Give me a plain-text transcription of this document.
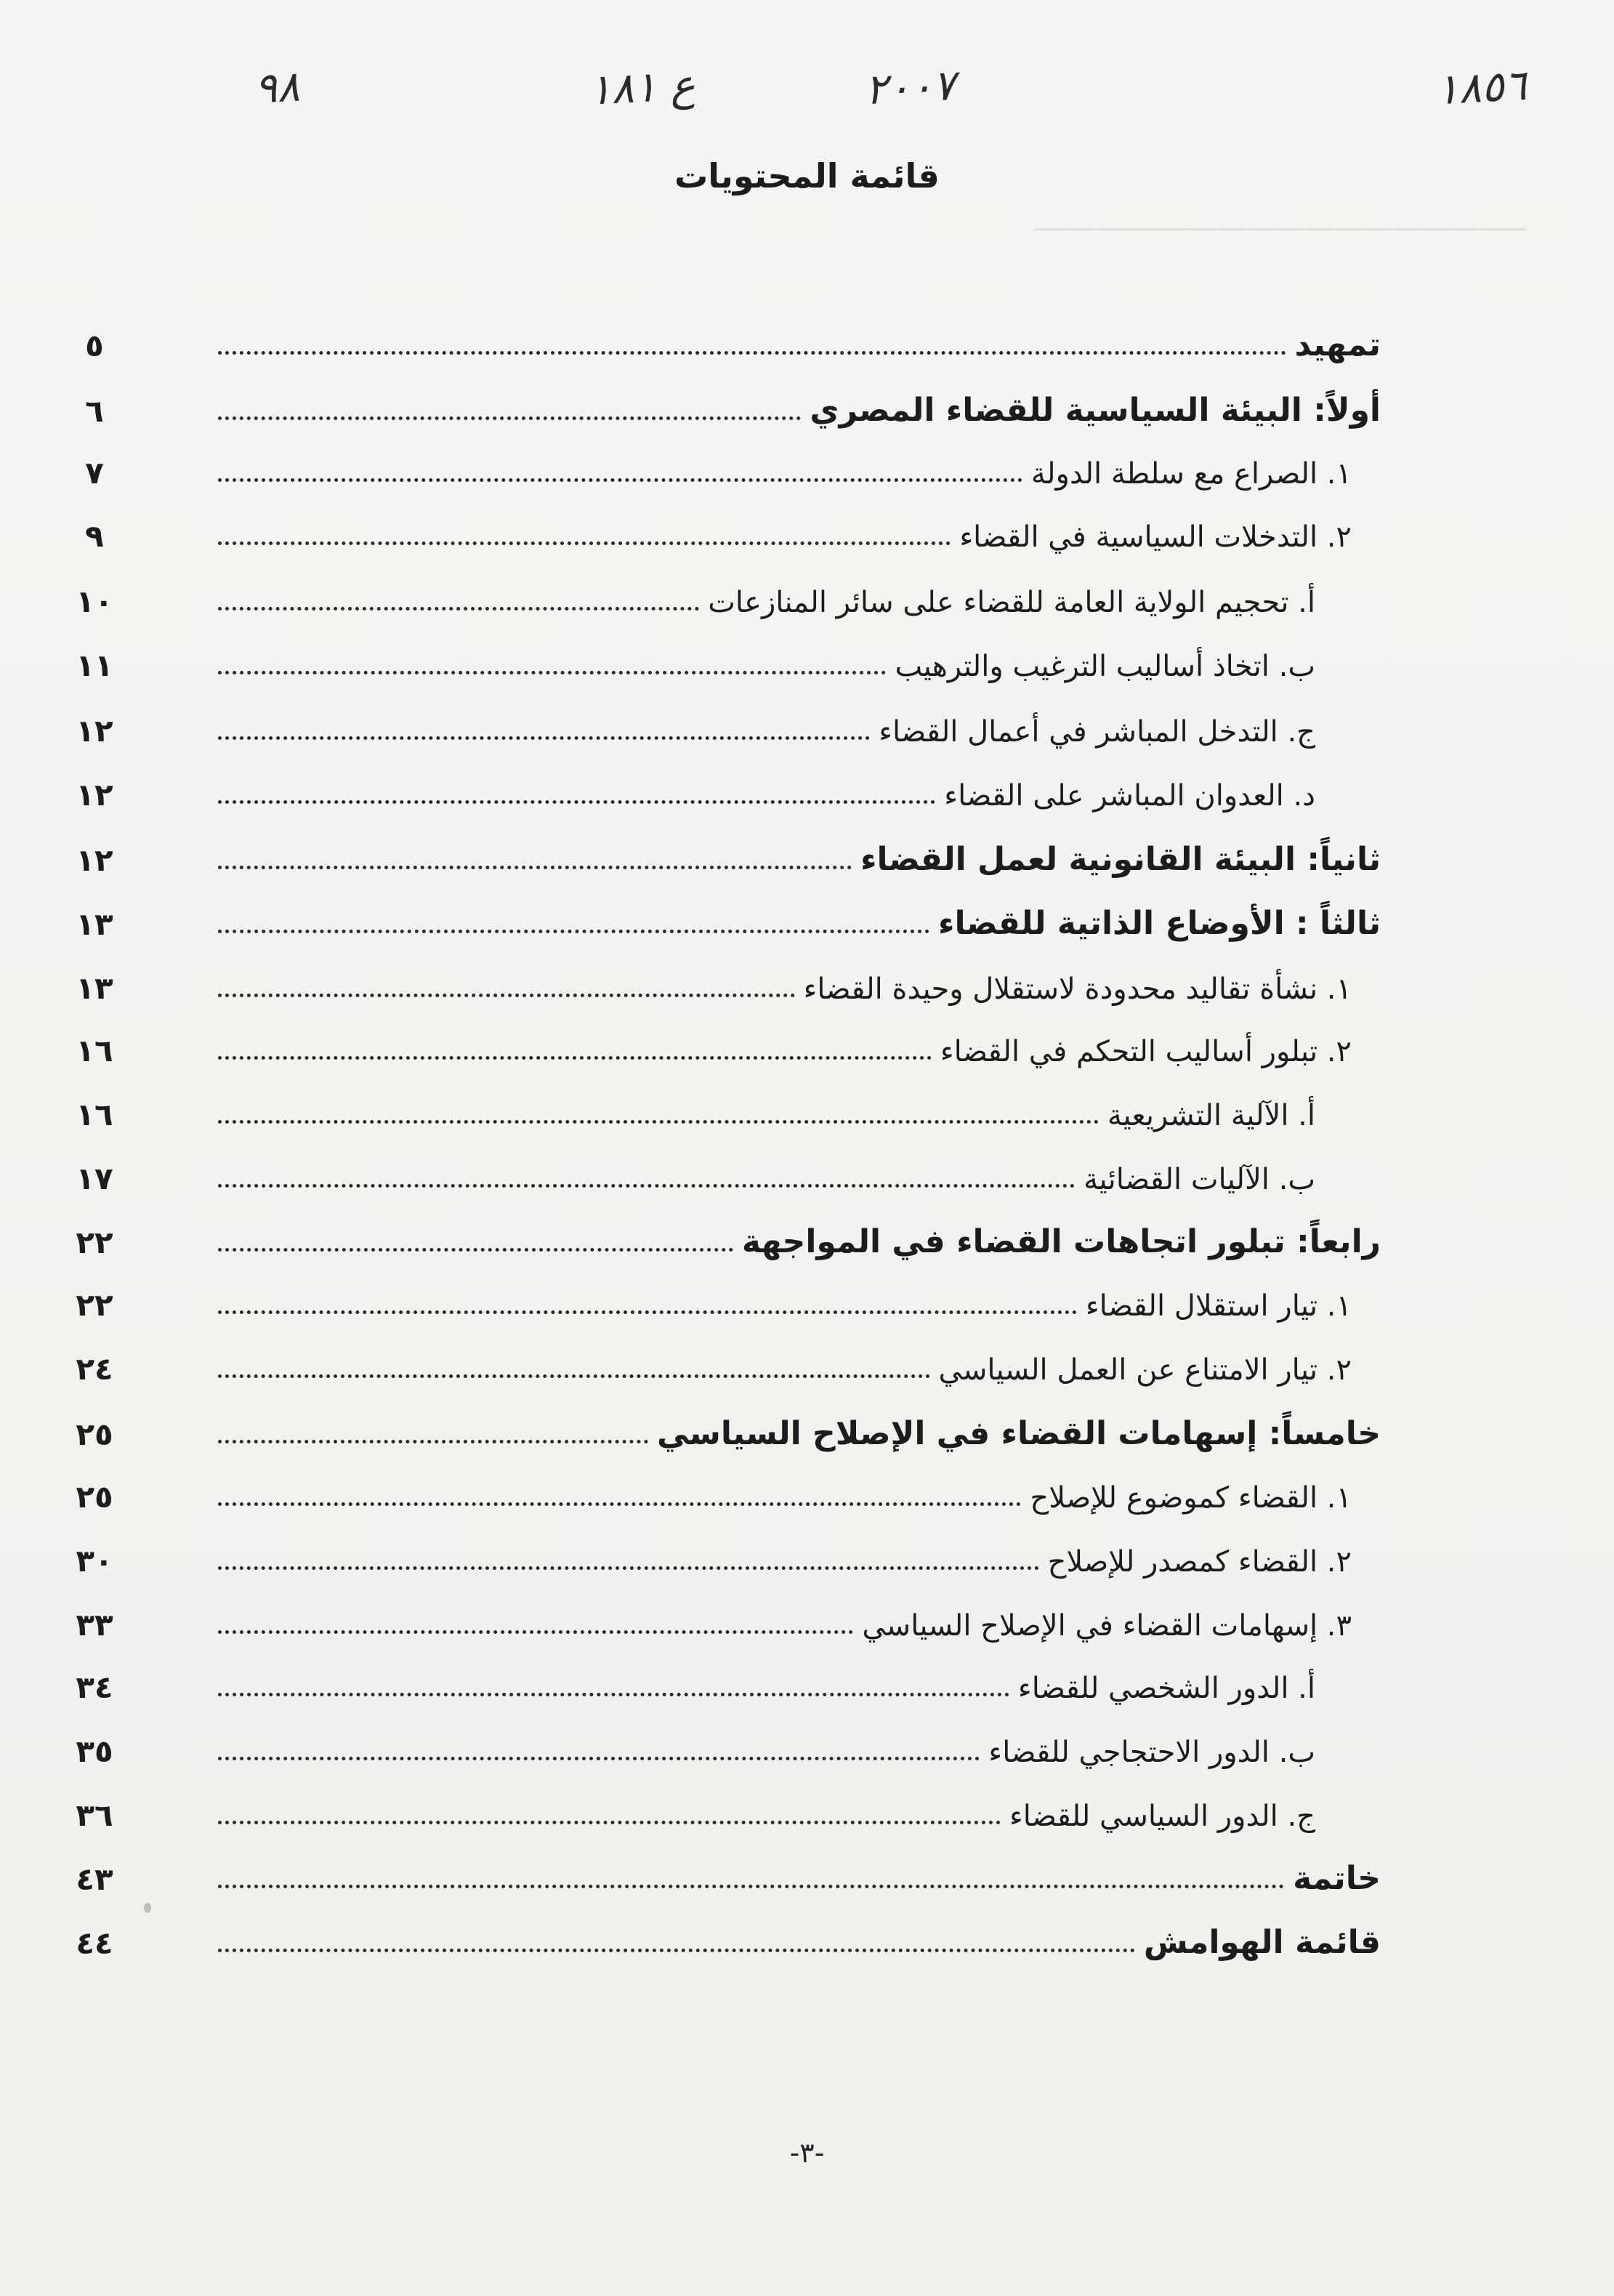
ــــــــــــــــــــــــــــــــــــــــــــــــــــــــــــــــــــ
١٨٥٦
٢٠٠٧
ع ١٨١
٩٨
قائمة المحتويات
تمهيد
٥
أولاً: البيئة السياسية للقضاء المصري
٦
١. الصراع مع سلطة الدولة
٧
٢. التدخلات السياسية في القضاء
٩
أ. تحجيم الولاية العامة للقضاء على سائر المنازعات
١٠
ب. اتخاذ أساليب الترغيب والترهيب
١١
ج. التدخل المباشر في أعمال القضاء
١٢
د. العدوان المباشر على القضاء
١٢
ثانياً: البيئة القانونية لعمل القضاء
١٢
ثالثاً : الأوضاع الذاتية للقضاء
١٣
١. نشأة تقاليد محدودة لاستقلال وحيدة القضاء
١٣
٢. تبلور أساليب التحكم في القضاء
١٦
أ. الآلية التشريعية
١٦
ب. الآليات القضائية
١٧
رابعاً: تبلور اتجاهات القضاء في المواجهة
٢٢
١. تيار استقلال القضاء
٢٢
٢. تيار الامتناع عن العمل السياسي
٢٤
خامساً: إسهامات القضاء في الإصلاح السياسي
٢٥
١. القضاء كموضوع للإصلاح
٢٥
٢. القضاء كمصدر للإصلاح
٣٠
٣. إسهامات القضاء في الإصلاح السياسي
٣٣
أ. الدور الشخصي للقضاء
٣٤
ب. الدور الاحتجاجي للقضاء
٣٥
ج. الدور السياسي للقضاء
٣٦
خاتمة
٤٣
قائمة الهوامش
٤٤
-٣-
